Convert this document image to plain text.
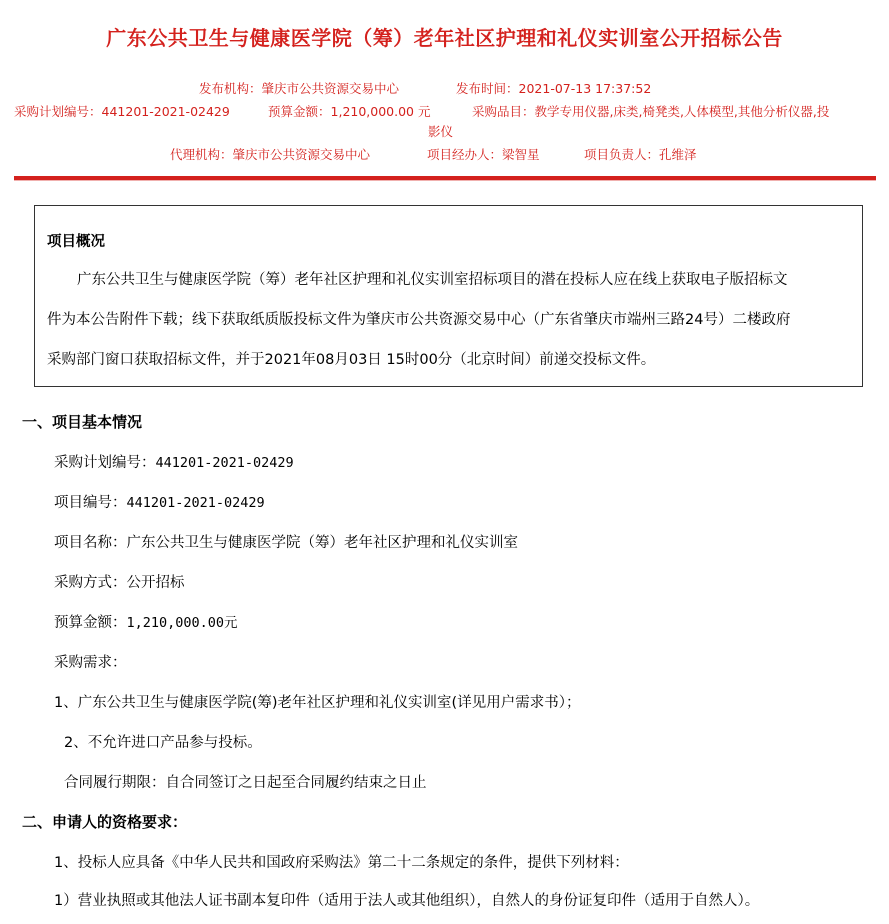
广东公共卫生与健康医学院（筹）老年社区护理和礼仪实训室公开招标公告
发布机构：肇庆市公共资源交易中心	发布时间：2021-07-13 17:37:52
采购计划编号：441201-2021-02429	预算金额：1,210,000.00 元	采购品目：教学专用仪器,床类,椅凳类,人体模型,其他分析仪器,投
影仪
代理机构：肇庆市公共资源交易中心	项目经办人：梁智星	项目负责人：孔维泽
项目概况
广东公共卫生与健康医学院（筹）老年社区护理和礼仪实训室招标项目的潜在投标人应在线上获取电子版招标文
件为本公告附件下载；线下获取纸质版投标文件为肇庆市公共资源交易中心（广东省肇庆市端州三路24号）二楼政府
采购部门窗口获取招标文件，并于2021年08月03日 15时00分（北京时间）前递交投标文件。
一、项目基本情况
采购计划编号：441201-2021-02429
项目编号：441201-2021-02429
项目名称：广东公共卫生与健康医学院（筹）老年社区护理和礼仪实训室
采购方式：公开招标
预算金额：1,210,000.00元
采购需求：
1、广东公共卫生与健康医学院(筹)老年社区护理和礼仪实训室(详见用户需求书）；
2、不允许进口产品参与投标。
合同履行期限：自合同签订之日起至合同履约结束之日止
二、申请人的资格要求：
1、投标人应具备《中华人民共和国政府采购法》第二十二条规定的条件，提供下列材料：
1）营业执照或其他法人证书副本复印件（适用于法人或其他组织），自然人的身份证复印件（适用于自然人）。
